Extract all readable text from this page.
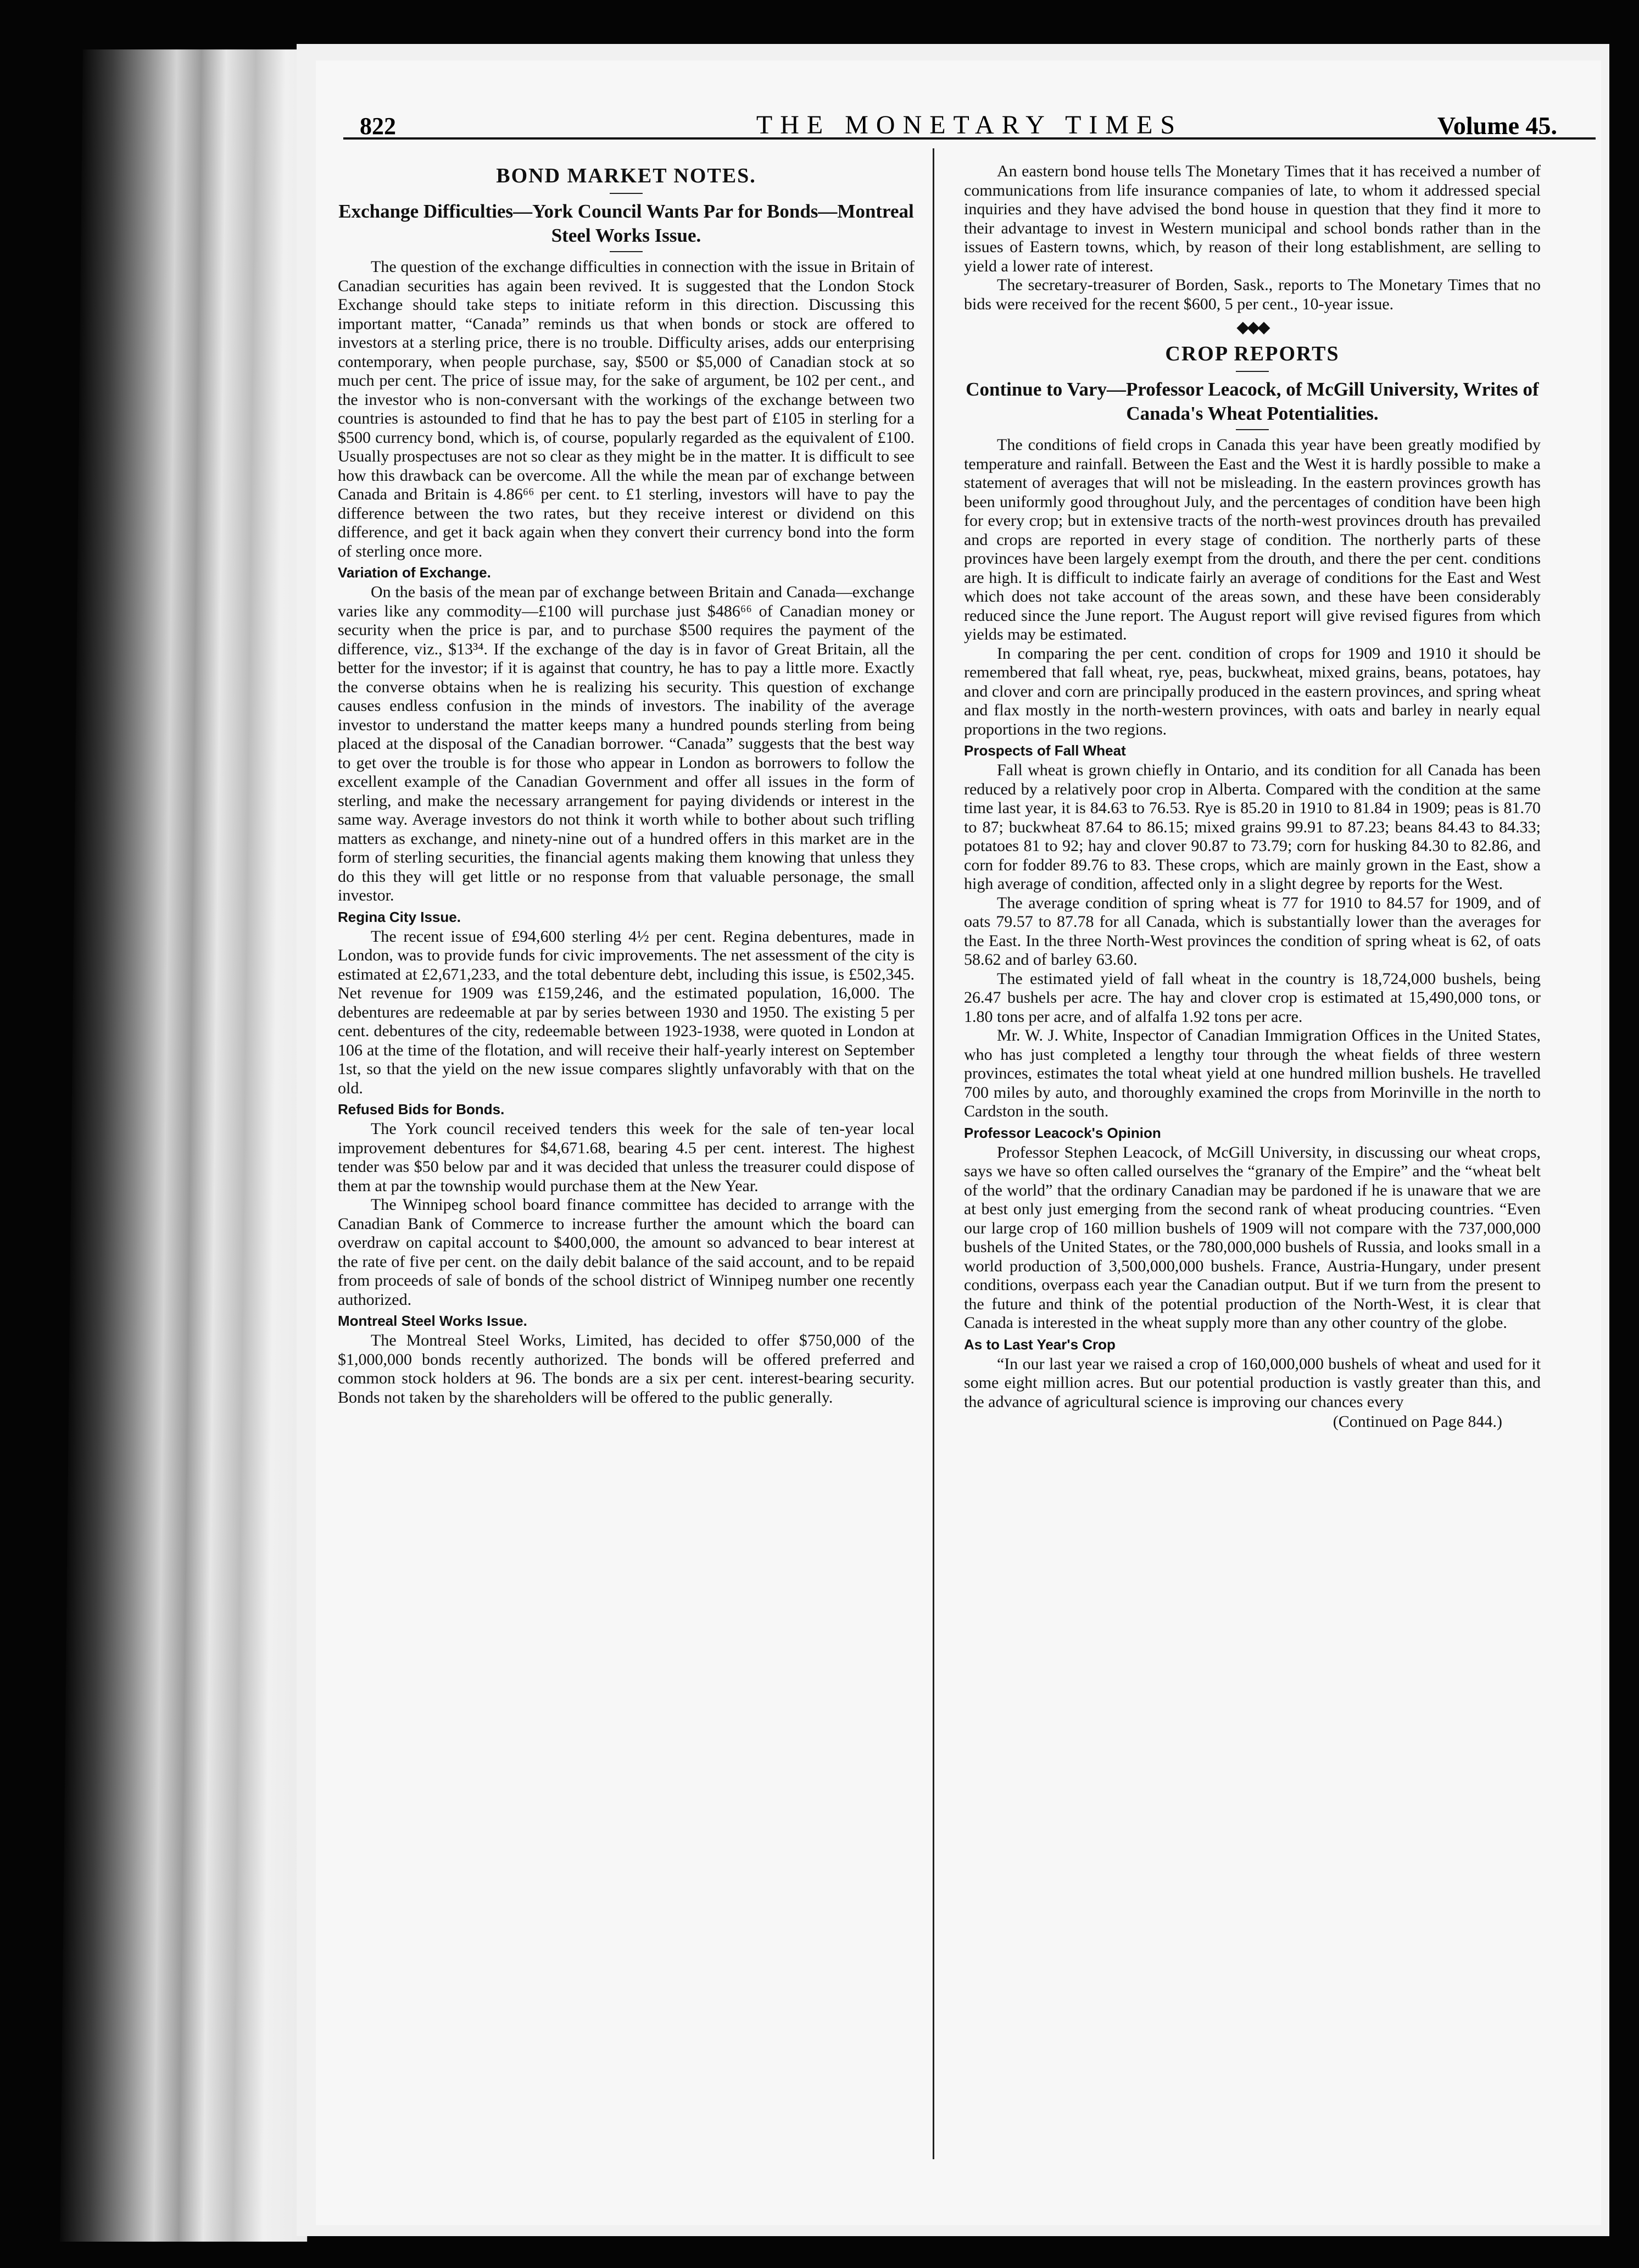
822	THE MONETARY TIMES	Volume 45.
BOND MARKET NOTES.
Exchange Difficulties—York Council Wants Par for Bonds—Montreal Steel Works Issue.

The question of the exchange difficulties in connection with the issue in Britain of Canadian securities has again been revived. It is suggested that the London Stock Exchange should take steps to initiate reform in this direction. Discussing this important matter, “Canada” reminds us that when bonds or stock are offered to investors at a sterling price, there is no trouble. Difficulty arises, adds our enterprising contemporary, when people purchase, say, $500 or $5,000 of Canadian stock at so much per cent. The price of issue may, for the sake of argument, be 102 per cent., and the investor who is non-conversant with the workings of the exchange between two countries is astounded to find that he has to pay the best part of £105 in sterling for a $500 currency bond, which is, of course, popularly regarded as the equivalent of £100. Usually prospectuses are not so clear as they might be in the matter. It is difficult to see how this drawback can be overcome. All the while the mean par of exchange between Canada and Britain is 4.86⁶⁶ per cent. to £1 sterling, investors will have to pay the difference between the two rates, but they receive interest or dividend on this difference, and get it back again when they convert their currency bond into the form of sterling once more.

Variation of Exchange.

On the basis of the mean par of exchange between Britain and Canada—exchange varies like any commodity—£100 will purchase just $486⁶⁶ of Canadian money or security when the price is par, and to purchase $500 requires the payment of the difference, viz., $13³⁴. If the exchange of the day is in favor of Great Britain, all the better for the investor; if it is against that country, he has to pay a little more. Exactly the converse obtains when he is realizing his security. This question of exchange causes endless confusion in the minds of investors. The inability of the average investor to understand the matter keeps many a hundred pounds sterling from being placed at the disposal of the Canadian borrower. “Canada” suggests that the best way to get over the trouble is for those who appear in London as borrowers to follow the excellent example of the Canadian Government and offer all issues in the form of sterling, and make the necessary arrangement for paying dividends or interest in the same way. Average investors do not think it worth while to bother about such trifling matters as exchange, and ninety-nine out of a hundred offers in this market are in the form of sterling securities, the financial agents making them knowing that unless they do this they will get little or no response from that valuable personage, the small investor.

Regina City Issue.

The recent issue of £94,600 sterling 4½ per cent. Regina debentures, made in London, was to provide funds for civic improvements. The net assessment of the city is estimated at £2,671,233, and the total debenture debt, including this issue, is £502,345. Net revenue for 1909 was £159,246, and the estimated population, 16,000. The debentures are redeemable at par by series between 1930 and 1950. The existing 5 per cent. debentures of the city, redeemable between 1923-1938, were quoted in London at 106 at the time of the flotation, and will receive their half-yearly interest on September 1st, so that the yield on the new issue compares slightly unfavorably with that on the old.

Refused Bids for Bonds.

The York council received tenders this week for the sale of ten-year local improvement debentures for $4,671.68, bearing 4.5 per cent. interest. The highest tender was $50 below par and it was decided that unless the treasurer could dispose of them at par the township would purchase them at the New Year.

The Winnipeg school board finance committee has decided to arrange with the Canadian Bank of Commerce to increase further the amount which the board can overdraw on capital account to $400,000, the amount so advanced to bear interest at the rate of five per cent. on the daily debit balance of the said account, and to be repaid from proceeds of sale of bonds of the school district of Winnipeg number one recently authorized.

Montreal Steel Works Issue.

The Montreal Steel Works, Limited, has decided to offer $750,000 of the $1,000,000 bonds recently authorized. The bonds will be offered preferred and common stock holders at 96. The bonds are a six per cent. interest-bearing security. Bonds not taken by the shareholders will be offered to the public generally.

An eastern bond house tells The Monetary Times that it has received a number of communications from life insurance companies of late, to whom it addressed special inquiries and they have advised the bond house in question that they find it more to their advantage to invest in Western municipal and school bonds rather than in the issues of Eastern towns, which, by reason of their long establishment, are selling to yield a lower rate of interest.

The secretary-treasurer of Borden, Sask., reports to The Monetary Times that no bids were received for the recent $600, 5 per cent., 10-year issue.

◆◆◆
CROP REPORTS
Continue to Vary—Professor Leacock, of McGill University, Writes of Canada's Wheat Potentialities.

The conditions of field crops in Canada this year have been greatly modified by temperature and rainfall. Between the East and the West it is hardly possible to make a statement of averages that will not be misleading. In the eastern provinces growth has been uniformly good throughout July, and the percentages of condition have been high for every crop; but in extensive tracts of the north-west provinces drouth has prevailed and crops are reported in every stage of condition. The northerly parts of these provinces have been largely exempt from the drouth, and there the per cent. conditions are high. It is difficult to indicate fairly an average of conditions for the East and West which does not take account of the areas sown, and these have been considerably reduced since the June report. The August report will give revised figures from which yields may be estimated.

In comparing the per cent. condition of crops for 1909 and 1910 it should be remembered that fall wheat, rye, peas, buckwheat, mixed grains, beans, potatoes, hay and clover and corn are principally produced in the eastern provinces, and spring wheat and flax mostly in the north-western provinces, with oats and barley in nearly equal proportions in the two regions.

Prospects of Fall Wheat

Fall wheat is grown chiefly in Ontario, and its condition for all Canada has been reduced by a relatively poor crop in Alberta. Compared with the condition at the same time last year, it is 84.63 to 76.53. Rye is 85.20 in 1910 to 81.84 in 1909; peas is 81.70 to 87; buckwheat 87.64 to 86.15; mixed grains 99.91 to 87.23; beans 84.43 to 84.33; potatoes 81 to 92; hay and clover 90.87 to 73.79; corn for husking 84.30 to 82.86, and corn for fodder 89.76 to 83. These crops, which are mainly grown in the East, show a high average of condition, affected only in a slight degree by reports for the West.

The average condition of spring wheat is 77 for 1910 to 84.57 for 1909, and of oats 79.57 to 87.78 for all Canada, which is substantially lower than the averages for the East. In the three North-West provinces the condition of spring wheat is 62, of oats 58.62 and of barley 63.60.

The estimated yield of fall wheat in the country is 18,724,000 bushels, being 26.47 bushels per acre. The hay and clover crop is estimated at 15,490,000 tons, or 1.80 tons per acre, and of alfalfa 1.92 tons per acre.

Mr. W. J. White, Inspector of Canadian Immigration Offices in the United States, who has just completed a lengthy tour through the wheat fields of three western provinces, estimates the total wheat yield at one hundred million bushels. He travelled 700 miles by auto, and thoroughly examined the crops from Morinville in the north to Cardston in the south.

Professor Leacock's Opinion

Professor Stephen Leacock, of McGill University, in discussing our wheat crops, says we have so often called ourselves the “granary of the Empire” and the “wheat belt of the world” that the ordinary Canadian may be pardoned if he is unaware that we are at best only just emerging from the second rank of wheat producing countries. “Even our large crop of 160 million bushels of 1909 will not compare with the 737,000,000 bushels of the United States, or the 780,000,000 bushels of Russia, and looks small in a world production of 3,500,000,000 bushels. France, Austria-Hungary, under present conditions, overpass each year the Canadian output. But if we turn from the present to the future and think of the potential production of the North-West, it is clear that Canada is interested in the wheat supply more than any other country of the globe.

As to Last Year's Crop

“In our last year we raised a crop of 160,000,000 bushels of wheat and used for it some eight million acres. But our potential production is vastly greater than this, and the advance of agricultural science is improving our chances every

(Continued on Page 844.)
